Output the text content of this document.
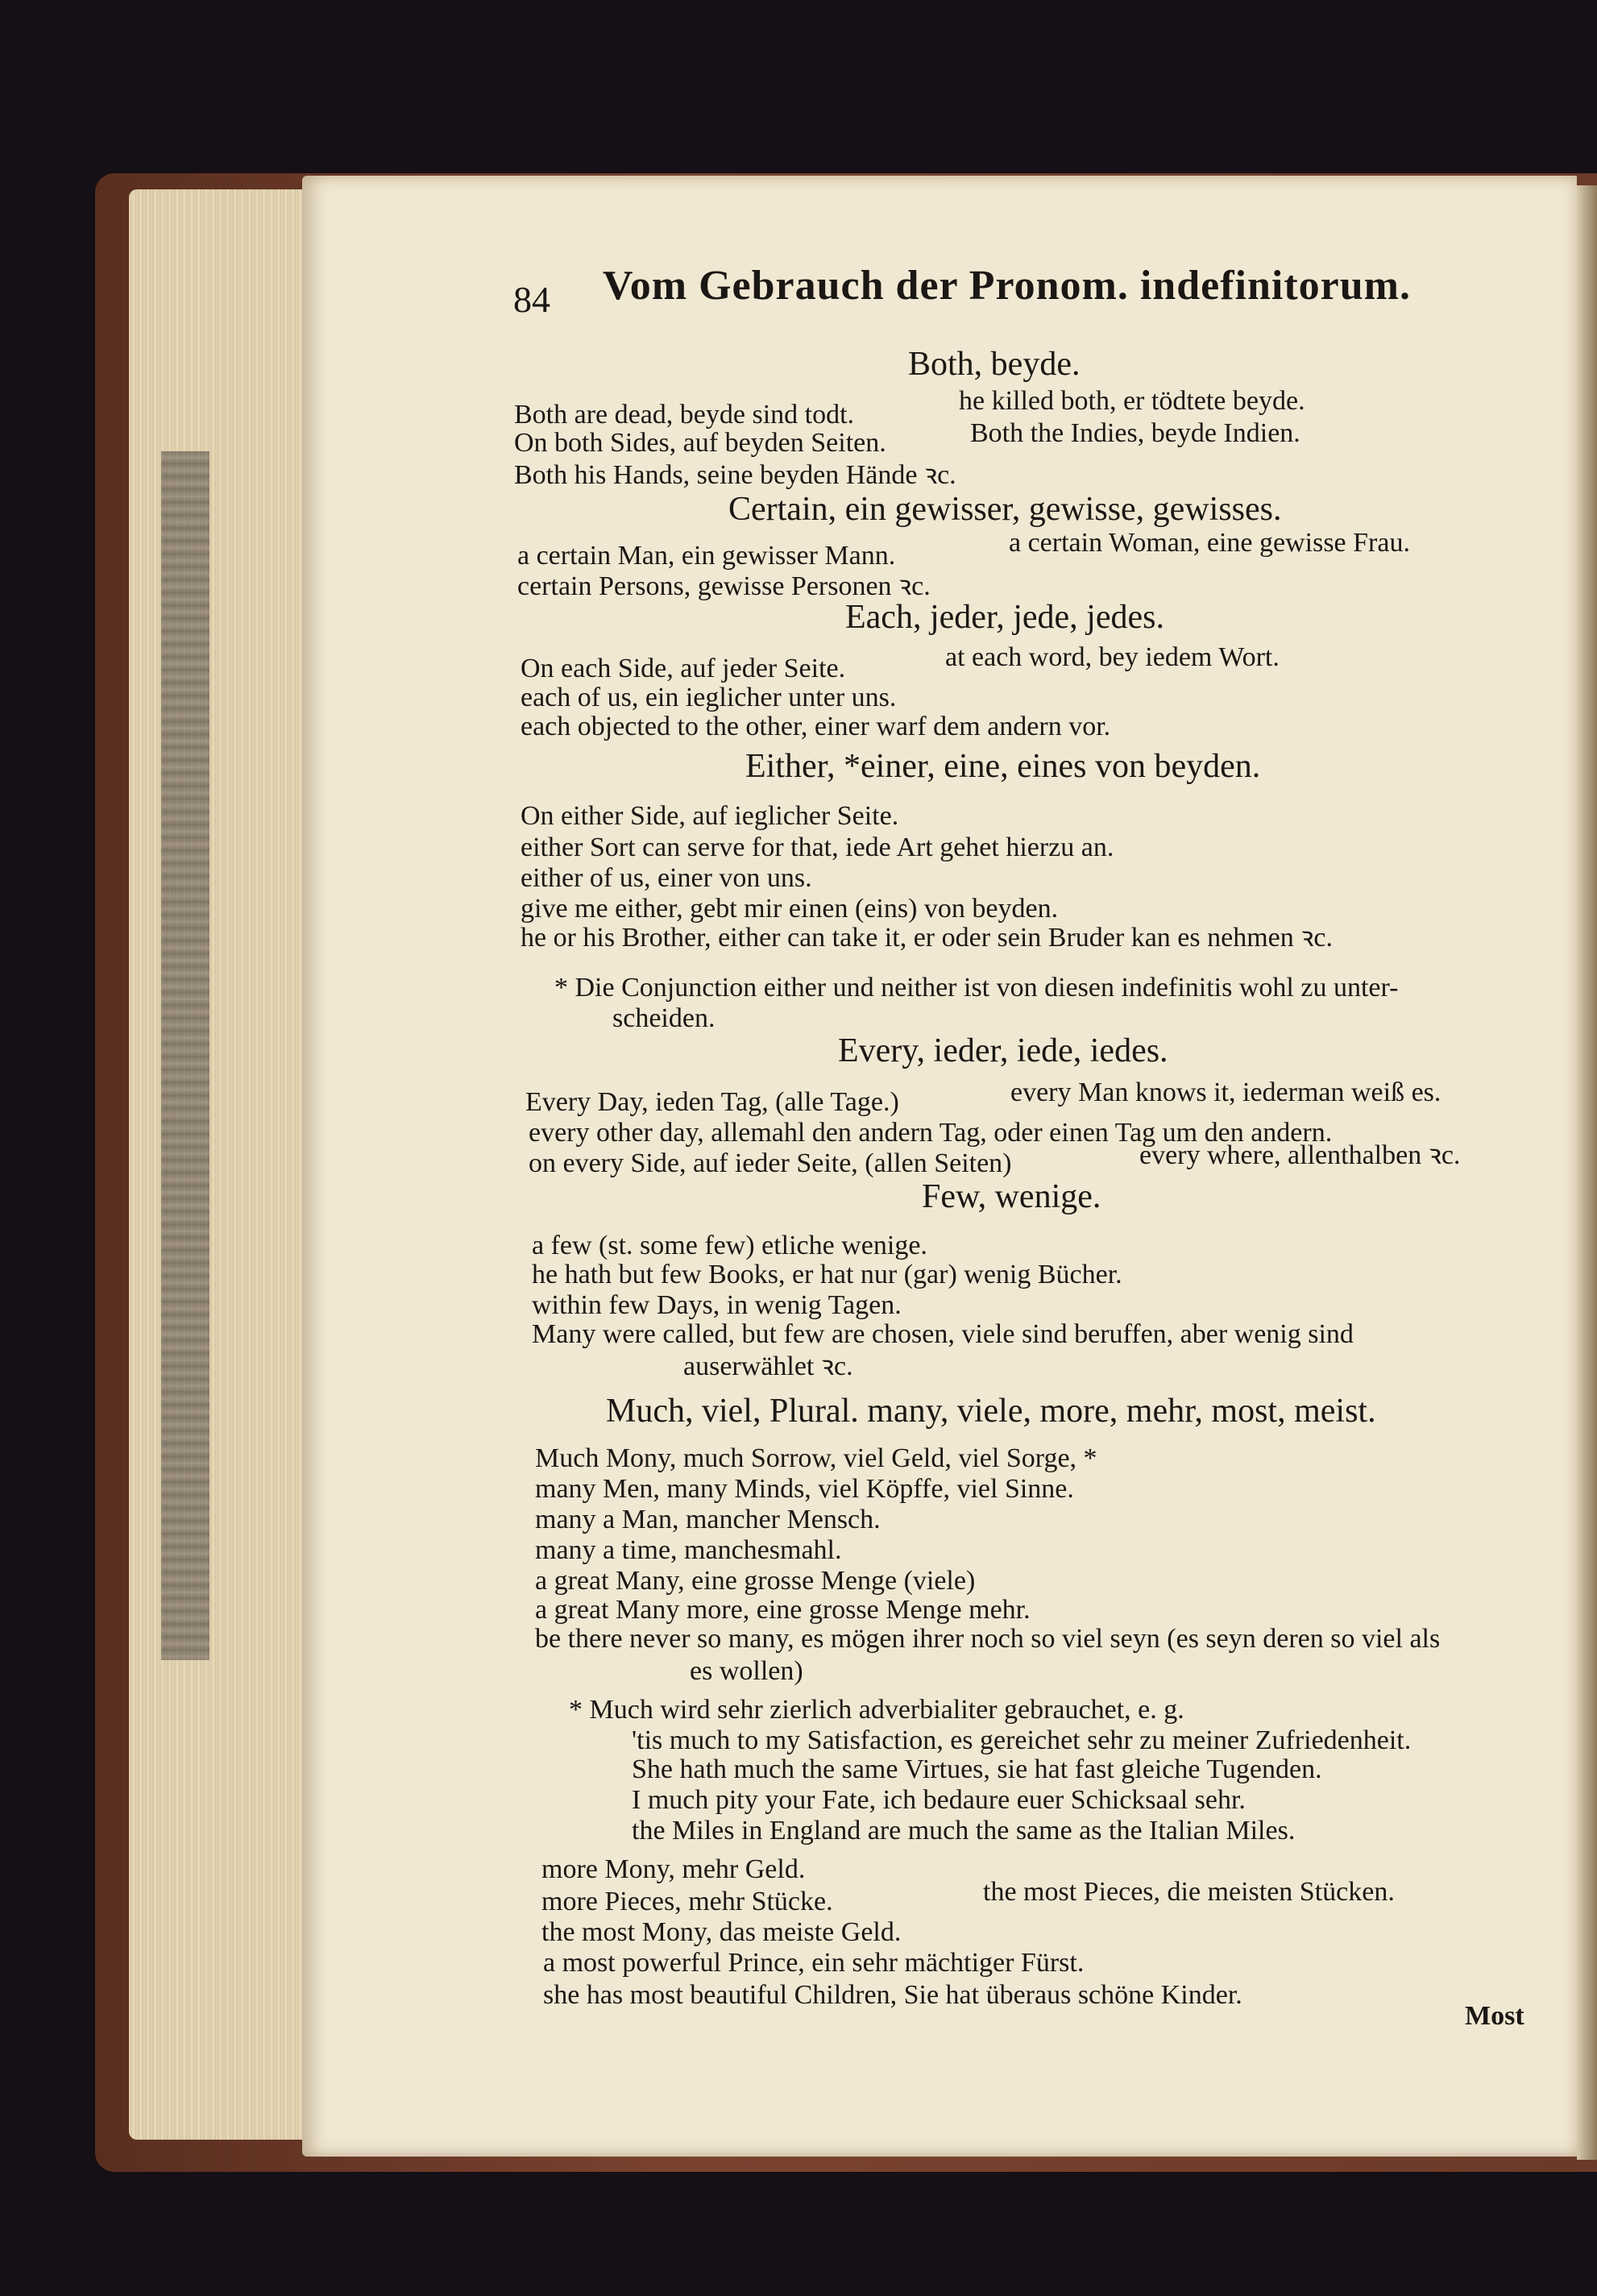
84 Vom Gebrauch der Pronom. indefinitorum.
Both, beyde.
Both are dead, beyde sind todt.	he killed both, er tödtete beyde.
On both Sides, auf beyden Seiten.	Both the Indies, beyde Indien.
Both his Hands, seine beyden Hände ꝛc.
Certain, ein gewisser, gewisse, gewisses.
a certain Man, ein gewisser Mann.	a certain Woman, eine gewisse Frau.
certain Persons, gewisse Personen ꝛc.
Each, jeder, jede, jedes.
On each Side, auf jeder Seite.	at each word, bey iedem Wort.
each of us, ein ieglicher unter uns.
each objected to the other, einer warf dem andern vor.
Either, *einer, eine, eines von beyden.
On either Side, auf ieglicher Seite.
either Sort can serve for that, iede Art gehet hierzu an.
either of us, einer von uns.
give me either, gebt mir einen (eins) von beyden.
he or his Brother, either can take it, er oder sein Bruder kan es nehmen ꝛc.
* Die Conjunction either und neither ist von diesen indefinitis wohl zu unter-
scheiden.
Every, ieder, iede, iedes.
Every Day, ieden Tag, (alle Tage.)	every Man knows it, iederman weiß es.
every other day, allemahl den andern Tag, oder einen Tag um den andern.
on every Side, auf ieder Seite, (allen Seiten)	every where, allenthalben ꝛc.
Few, wenige.
a few (st. some few) etliche wenige.
he hath but few Books, er hat nur (gar) wenig Bücher.
within few Days, in wenig Tagen.
Many were called, but few are chosen, viele sind beruffen, aber wenig sind
auserwählet ꝛc.
Much, viel, Plural. many, viele, more, mehr, most, meist.
Much Mony, much Sorrow, viel Geld, viel Sorge, *
many Men, many Minds, viel Köpffe, viel Sinne.
many a Man, mancher Mensch.
many a time, manchesmahl.
a great Many, eine grosse Menge (viele)
a great Many more, eine grosse Menge mehr.
be there never so many, es mögen ihrer noch so viel seyn (es seyn deren so viel als
es wollen)
* Much wird sehr zierlich adverbialiter gebrauchet, e. g.
'tis much to my Satisfaction, es gereichet sehr zu meiner Zufriedenheit.
She hath much the same Virtues, sie hat fast gleiche Tugenden.
I much pity your Fate, ich bedaure euer Schicksaal sehr.
the Miles in England are much the same as the Italian Miles.
more Mony, mehr Geld.
more Pieces, mehr Stücke.	the most Pieces, die meisten Stücken.
the most Mony, das meiste Geld.
a most powerful Prince, ein sehr mächtiger Fürst.
she has most beautiful Children, Sie hat überaus schöne Kinder.
Most
